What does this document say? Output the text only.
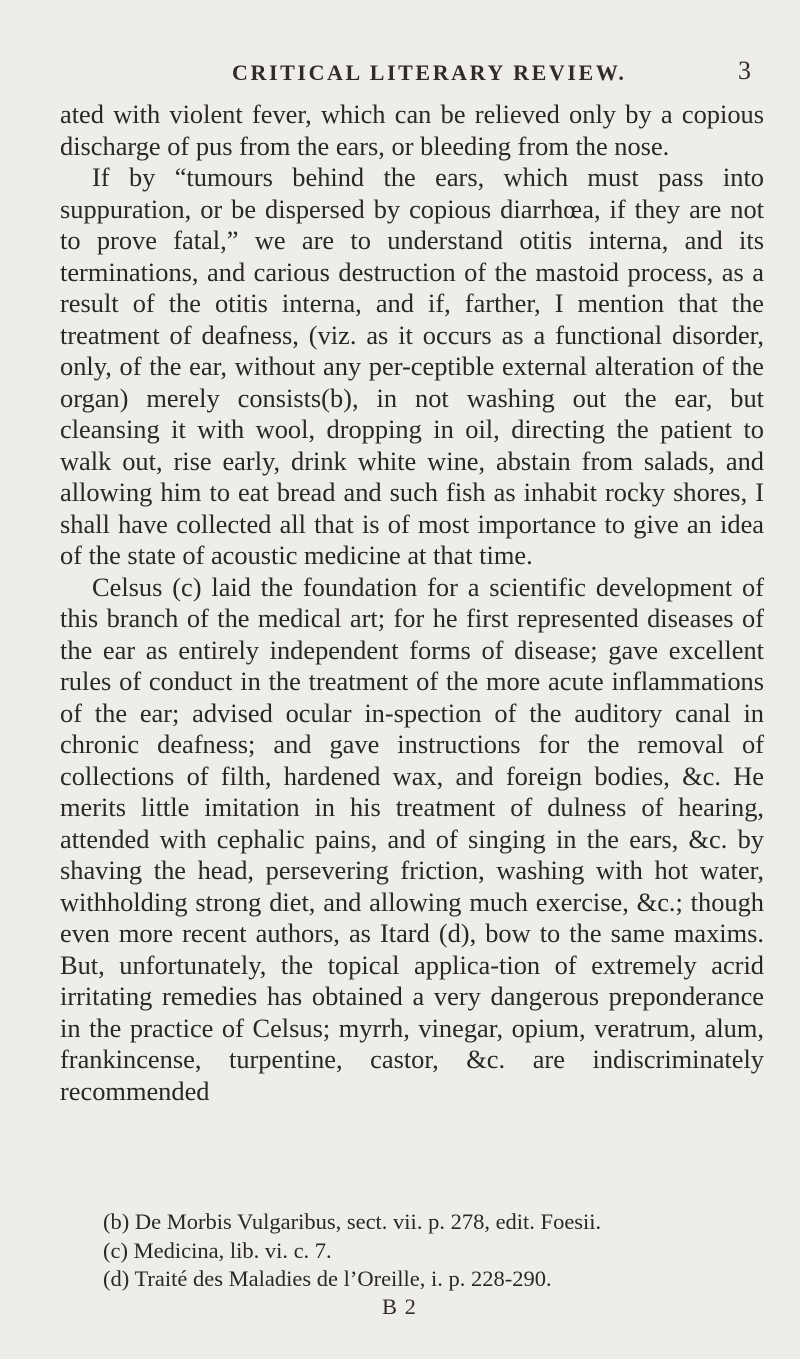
CRITICAL LITERARY REVIEW.	3

ated with violent fever, which can be relieved only by a copious discharge of pus from the ears, or bleeding from the nose.

If by “tumours behind the ears, which must pass into suppuration, or be dispersed by copious diarrhœa, if they are not to prove fatal,” we are to understand otitis interna, and its terminations, and carious destruction of the mastoid process, as a result of the otitis interna, and if, farther, I mention that the treatment of deafness, (viz. as it occurs as a functional disorder, only, of the ear, without any per-ceptible external alteration of the organ) merely consists(b), in not washing out the ear, but cleansing it with wool, dropping in oil, directing the patient to walk out, rise early, drink white wine, abstain from salads, and allowing him to eat bread and such fish as inhabit rocky shores, I shall have collected all that is of most importance to give an idea of the state of acoustic medicine at that time.

Celsus (c) laid the foundation for a scientific development of this branch of the medical art; for he first represented diseases of the ear as entirely independent forms of disease; gave excellent rules of conduct in the treatment of the more acute inflammations of the ear; advised ocular in-spection of the auditory canal in chronic deafness; and gave instructions for the removal of collections of filth, hardened wax, and foreign bodies, &c. He merits little imitation in his treatment of dulness of hearing, attended with cephalic pains, and of singing in the ears, &c. by shaving the head, persevering friction, washing with hot water, withholding strong diet, and allowing much exercise, &c.; though even more recent authors, as Itard (d), bow to the same maxims. But, unfortunately, the topical applica-tion of extremely acrid irritating remedies has obtained a very dangerous preponderance in the practice of Celsus; myrrh, vinegar, opium, veratrum, alum, frankincense, turpentine, castor, &c. are indiscriminately recommended

(b) De Morbis Vulgaribus, sect. vii. p. 278, edit. Foesii.
(c) Medicina, lib. vi. c. 7.
(d) Traité des Maladies de l’Oreille, i. p. 228-290.
B 2
